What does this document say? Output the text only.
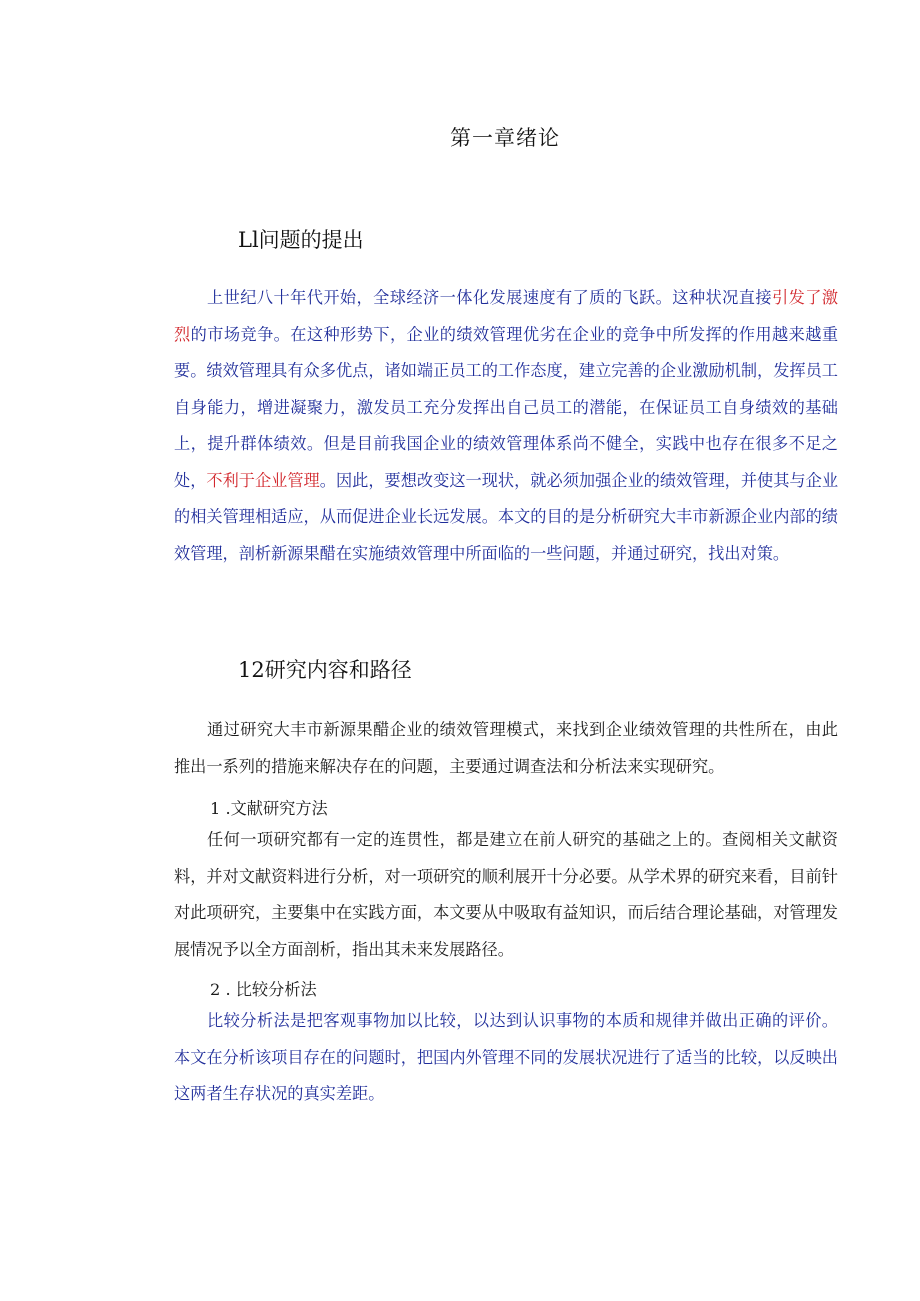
第一章绪论
Ll问题的提出

上世纪八十年代开始，全球经济一体化发展速度有了质的飞跃。这种状况直接引发了激烈的市场竞争。在这种形势下，企业的绩效管理优劣在企业的竞争中所发挥的作用越来越重要。绩效管理具有众多优点，诸如端正员工的工作态度，建立完善的企业激励机制，发挥员工自身能力，增进凝聚力，激发员工充分发挥出自己员工的潜能，在保证员工自身绩效的基础上，提升群体绩效。但是目前我国企业的绩效管理体系尚不健全，实践中也存在很多不足之处，不利于企业管理。因此，要想改变这一现状，就必须加强企业的绩效管理，并使其与企业的相关管理相适应，从而促进企业长远发展。本文的目的是分析研究大丰市新源企业内部的绩效管理，剖析新源果醋在实施绩效管理中所面临的一些问题，并通过研究，找出对策。

12研究内容和路径

通过研究大丰市新源果醋企业的绩效管理模式，来找到企业绩效管理的共性所在，由此推出一系列的措施来解决存在的问题，主要通过调查法和分析法来实现研究。

1 .文献研究方法

任何一项研究都有一定的连贯性，都是建立在前人研究的基础之上的。查阅相关文献资料，并对文献资料进行分析，对一项研究的顺利展开十分必要。从学术界的研究来看，目前针对此项研究，主要集中在实践方面，本文要从中吸取有益知识，而后结合理论基础，对管理发展情况予以全方面剖析，指出其未来发展路径。

2 . 比较分析法

比较分析法是把客观事物加以比较，以达到认识事物的本质和规律并做出正确的评价。本文在分析该项目存在的问题时，把国内外管理不同的发展状况进行了适当的比较，以反映出这两者生存状况的真实差距。
